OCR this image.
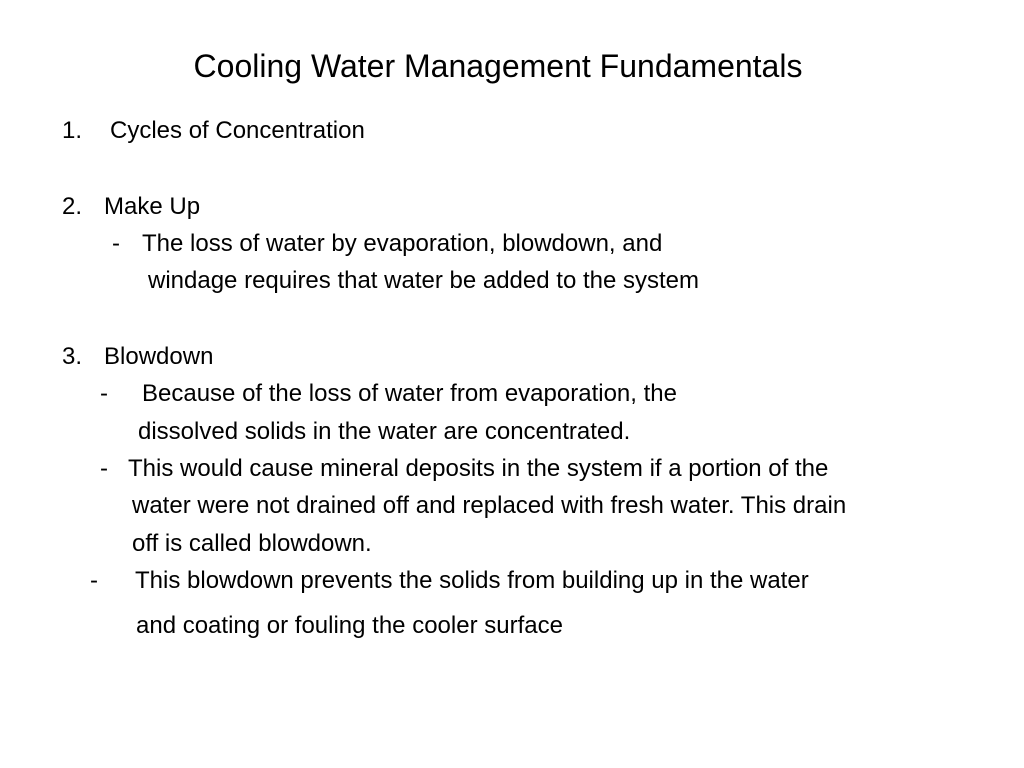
Cooling Water Management Fundamentals
1. Cycles of Concentration
2. Make Up
- The loss of water by evaporation, blowdown, and
windage requires that water be added to the system
3. Blowdown
- Because of the loss of water from evaporation, the
dissolved solids in the water are concentrated.
- This would cause mineral deposits in the system if a portion of the
water were not drained off and replaced with fresh water. This drain
off is called blowdown.
- This blowdown prevents the solids from building up in the water
and coating or fouling the cooler surface
